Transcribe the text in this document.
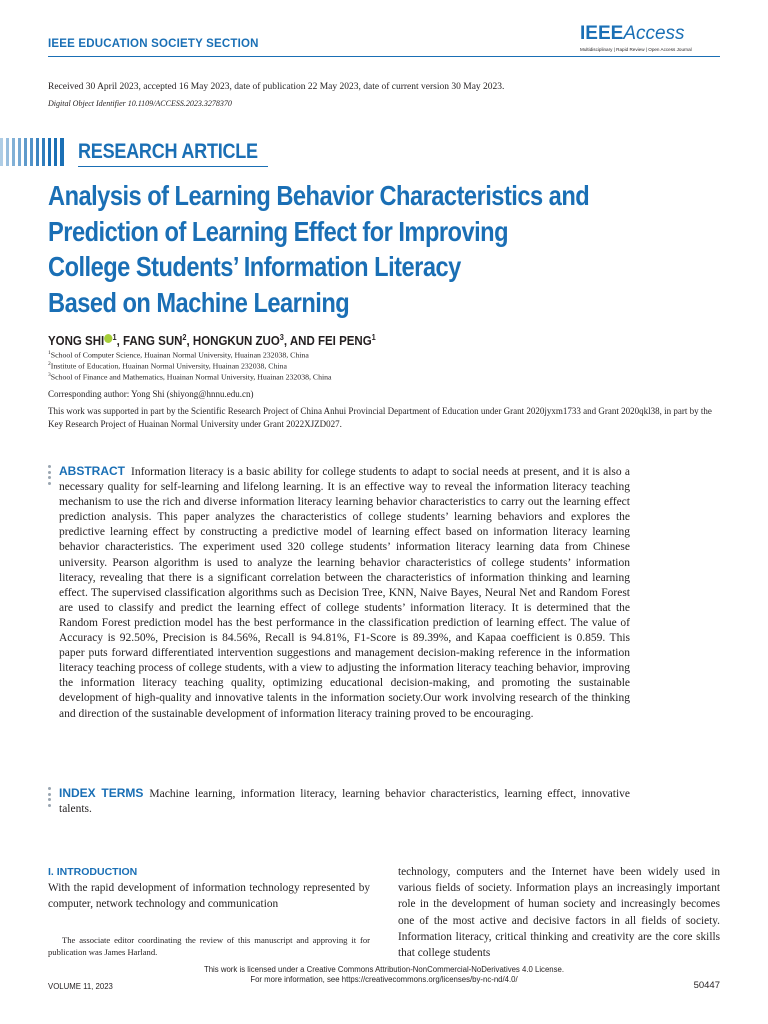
IEEE EDUCATION SOCIETY SECTION	IEEEAccess
Multidisciplinary | Rapid Review | Open Access Journal
Received 30 April 2023, accepted 16 May 2023, date of publication 22 May 2023, date of current version 30 May 2023.
Digital Object Identifier 10.1109/ACCESS.2023.3278370
RESEARCH ARTICLE
Analysis of Learning Behavior Characteristics and
Prediction of Learning Effect for Improving
College Students’ Information Literacy
Based on Machine Learning
YONG SHI $^1$, FANG SUN$^2$, HONGKUN ZUO$^3$, AND FEI PENG$^1$
$^1$School of Computer Science, Huainan Normal University, Huainan 232038, China
$^2$Institute of Education, Huainan Normal University, Huainan 232038, China
$^3$School of Finance and Mathematics, Huainan Normal University, Huainan 232038, China
Corresponding author: Yong Shi (shiyong@hnnu.edu.cn)
This work was supported in part by the Scientific Research Project of China Anhui Provincial Department of Education under Grant 2020jyxm1733 and Grant 2020qkl38, in part by the Key Research Project of Huainan Normal University under Grant 2022XJZD027.
ABSTRACT Information literacy is a basic ability for college students to adapt to social needs at present, and it is also a necessary quality for self-learning and lifelong learning. It is an effective way to reveal the information literacy teaching mechanism to use the rich and diverse information literacy learning behavior characteristics to carry out the learning effect prediction analysis. This paper analyzes the characteristics of college students’ learning behaviors and explores the predictive learning effect by constructing a predictive model of learning effect based on information literacy learning behavior characteristics. The experiment used 320 college students’ information literacy learning data from Chinese university. Pearson algorithm is used to analyze the learning behavior characteristics of college students’ information literacy, revealing that there is a significant correlation between the characteristics of information thinking and learning effect. The supervised classification algorithms such as Decision Tree, KNN, Naive Bayes, Neural Net and Random Forest are used to classify and predict the learning effect of college students’ information literacy. It is determined that the Random Forest prediction model has the best performance in the classification prediction of learning effect. The value of Accuracy is 92.50%, Precision is 84.56%, Recall is 94.81%, F1-Score is 89.39%, and Kapaa coefficient is 0.859. This paper puts forward differentiated intervention suggestions and management decision-making reference in the information literacy teaching process of college students, with a view to adjusting the information literacy teaching behavior, improving the information literacy teaching quality, optimizing educational decision-making, and promoting the sustainable development of high-quality and innovative talents in the information society.Our work involving research of the thinking and direction of the sustainable development of information literacy training proved to be encouraging.
INDEX TERMS Machine learning, information literacy, learning behavior characteristics, learning effect, innovative talents.
I. INTRODUCTION
With the rapid development of information technology represented by computer, network technology and communication
The associate editor coordinating the review of this manuscript and approving it for publication was James Harland.
technology, computers and the Internet have been widely used in various fields of society. Information plays an increasingly important role in the development of human society and increasingly becomes one of the most active and decisive factors in all fields of society. Information literacy, critical thinking and creativity are the core skills that college students
This work is licensed under a Creative Commons Attribution-NonCommercial-NoDerivatives 4.0 License.
For more information, see https://creativecommons.org/licenses/by-nc-nd/4.0/
VOLUME 11, 2023	50447
